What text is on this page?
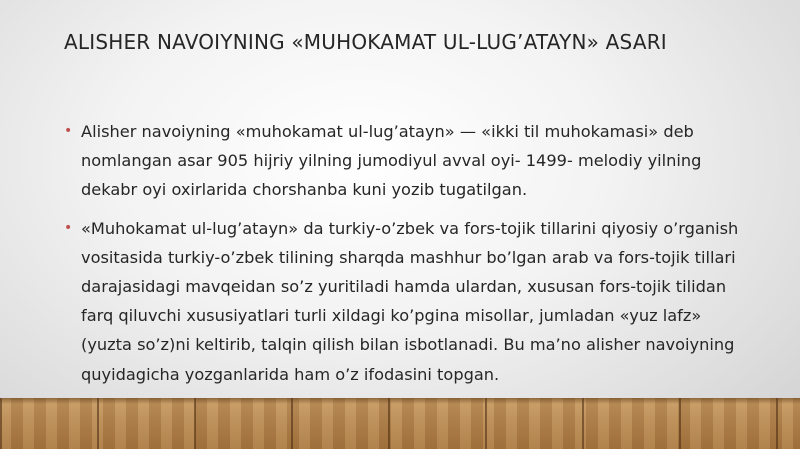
ALISHER NAVOIYNING «MUHOKAMAT UL-LUG’ATAYN» ASARI
• Alisher navoiyning «muhokamat ul-lug’atayn» — «ikki til muhokamasi» deb nomlangan asar 905 hijriy yilning jumodiyul avval oyi- 1499- melodiy yilning dekabr oyi oxirlarida chorshanba kuni yozib tugatilgan.
• «Muhokamat ul-lug’atayn» da turkiy-o’zbek va fors-tojik tillarini qiyosiy o’rganish vositasida turkiy-o’zbek tilining sharqda mashhur bo’lgan arab va fors-tojik tillari darajasidagi mavqeidan so’z yuritiladi hamda ulardan, xususan fors-tojik tilidan farq qiluvchi xususiyatlari turli xildagi ko’pgina misollar, jumladan «yuz lafz» (yuzta so’z)ni keltirib, talqin qilish bilan isbotlanadi. Bu ma’no alisher navoiyning quyidagicha yozganlarida ham o’z ifodasini topgan.
